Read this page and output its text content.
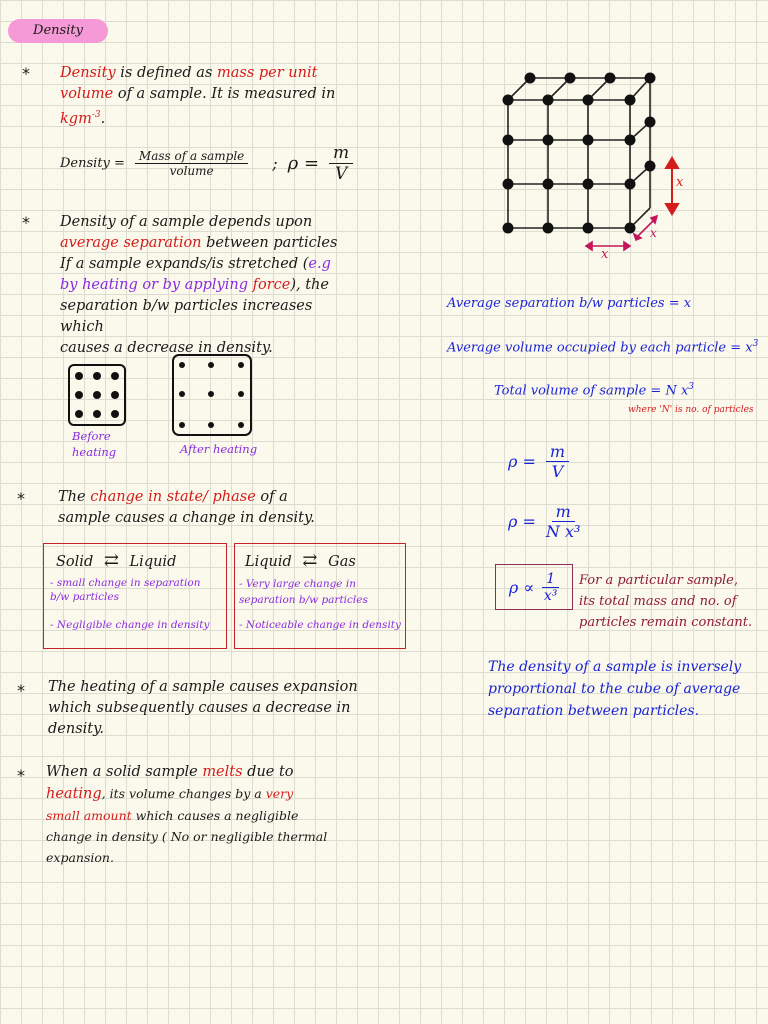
Density
* Density is defined as mass per unit
volume of a sample. It is measured in
kgm$^{-3}$.
Density = $\frac{\text{Mass of a sample}}{\text{volume}}$ ; $\rho = \frac{m}{V}$
* Density of a sample depends upon
average separation between particles
If a sample expands/is stretched (e.g
by heating or by applying force), the
separation b/w particles increases which
causes a decrease in density.
Before
heating	After heating
* The change in state/ phase of a
sample causes a change in density.
Solid ⇄ Liquid
- small change in separation b/w particles
- Negligible change in density
Liquid ⇄ Gas
- Very large change in separation b/w particles
- Noticeable change in density
* The heating of a sample causes expansion
which subsequently causes a decrease in
density.
* When a solid sample melts due to
heating, its volume changes by a very
small amount which causes a negligible
change in density ( No or negligible thermal
expansion.
x
x
x
Average separation b/w particles = x
Average volume occupied by each particle = $x^3$
Total volume of sample = N $x^3$
where 'N' is no. of particles
$\rho = \frac{m}{V}$
$\rho = \frac{m}{\text{N x³}}$
$\rho \propto \frac{1}{\text{x³}}$ For a particular sample,
its total mass and no. of
particles remain constant.
The density of a sample is inversely
proportional to the cube of average
separation between particles.
